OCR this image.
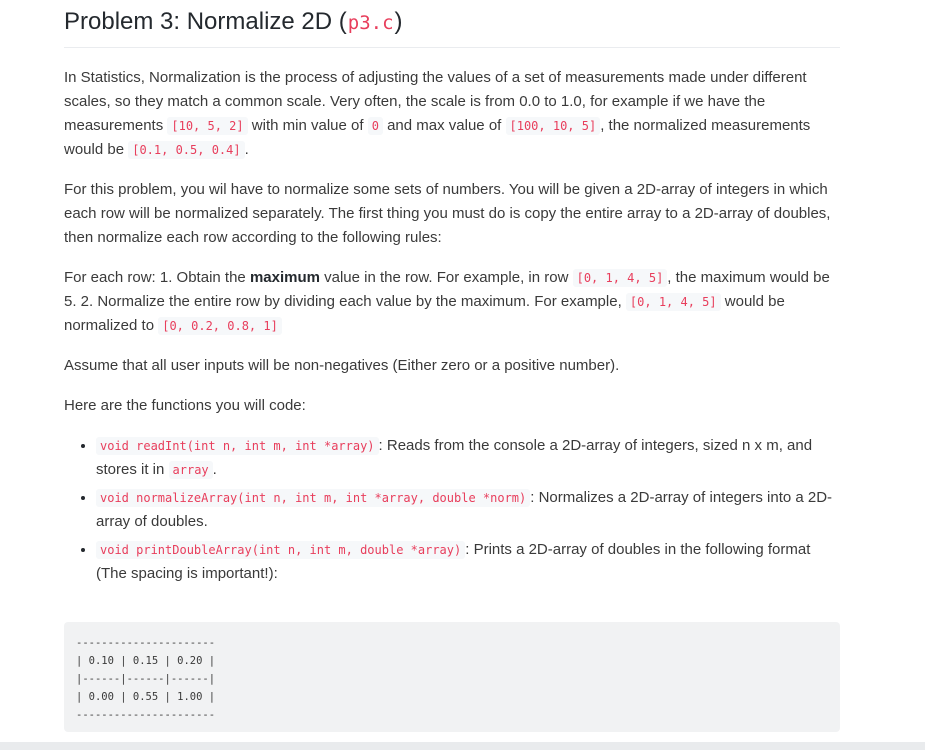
Problem 3: Normalize 2D (p3.c)

In Statistics, Normalization is the process of adjusting the values of a set of measurements made under different scales, so they match a common scale. Very often, the scale is from 0.0 to 1.0, for example if we have the measurements [10, 5, 2] with min value of 0 and max value of [100, 10, 5] , the normalized measurements would be [0.1, 0.5, 0.4] .

For this problem, you wil have to normalize some sets of numbers. You will be given a 2D-array of integers in which each row will be normalized separately. The first thing you must do is copy the entire array to a 2D-array of doubles, then normalize each row according to the following rules:

For each row: 1. Obtain the maximum value in the row. For example, in row [0, 1, 4, 5] , the maximum would be 5. 2. Normalize the entire row by dividing each value by the maximum. For example, [0, 1, 4, 5] would be normalized to [0, 0.2, 0.8, 1]

Assume that all user inputs will be non-negatives (Either zero or a positive number).

Here are the functions you will code:

• void readInt(int n, int m, int *array) : Reads from the console a 2D-array of integers, sized n x m, and stores it in array .
• void normalizeArray(int n, int m, int *array, double *norm) : Normalizes a 2D-array of integers into a 2D-array of doubles.
• void printDoubleArray(int n, int m, double *array) : Prints a 2D-array of doubles in the following format (The spacing is important!):
----------------------
| 0.10 | 0.15 | 0.20 |
|------|------|------|
| 0.00 | 0.55 | 1.00 |
----------------------
